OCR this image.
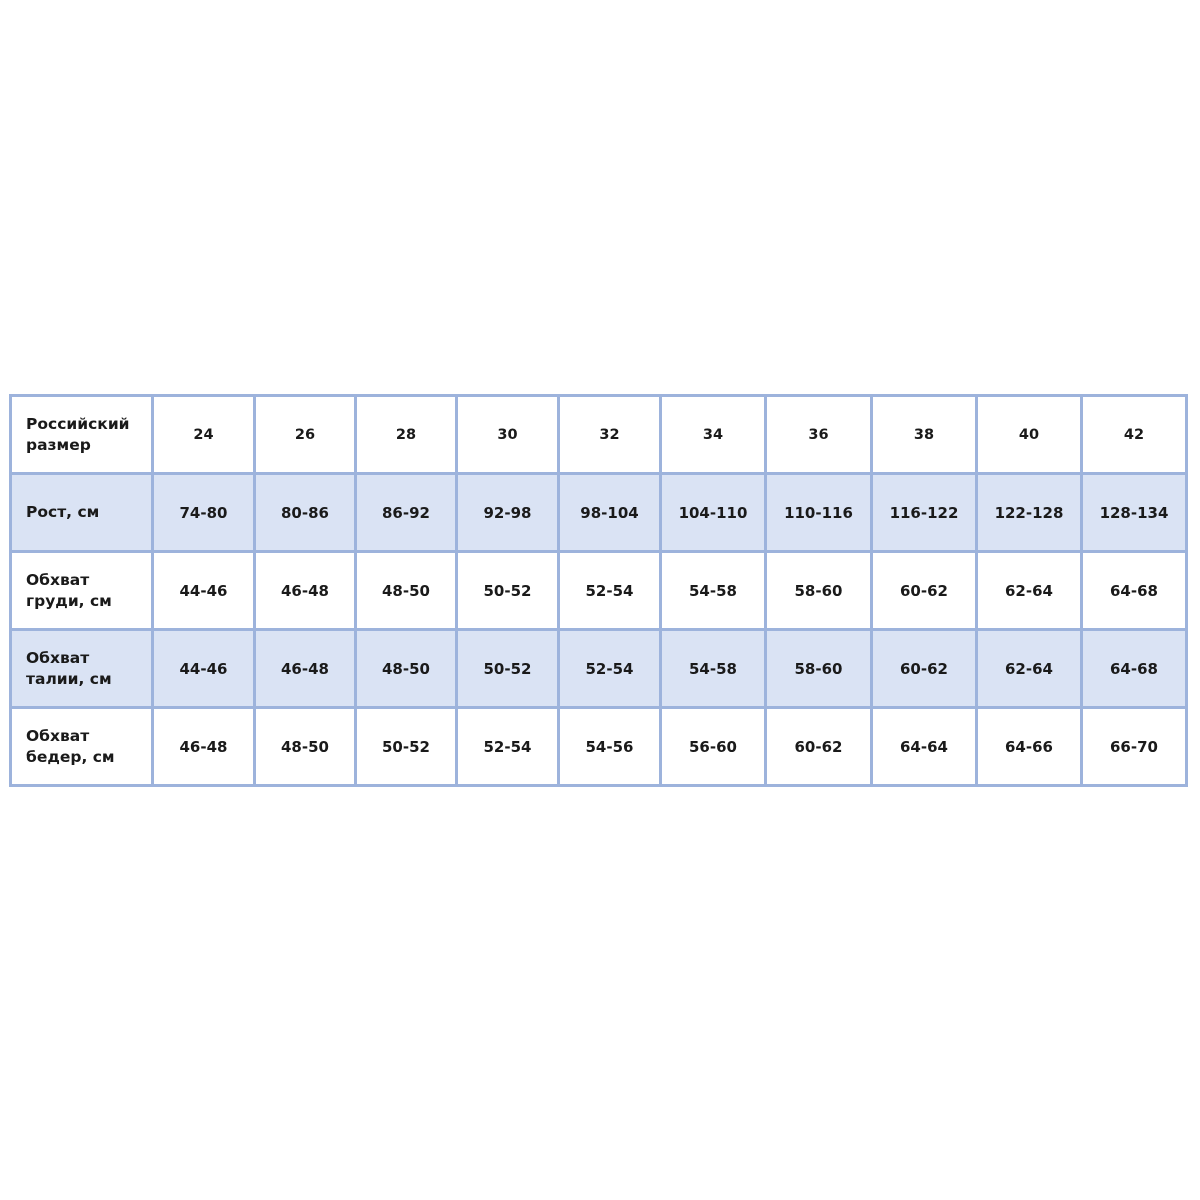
Российский
размер	24	26	28	30	32	34	36	38	40	42
Рост, см	74-80	80-86	86-92	92-98	98-104	104-110	110-116	116-122	122-128	128-134
Обхват
груди, см	44-46	46-48	48-50	50-52	52-54	54-58	58-60	60-62	62-64	64-68
Обхват
талии, см	44-46	46-48	48-50	50-52	52-54	54-58	58-60	60-62	62-64	64-68
Обхват
бедер, см	46-48	48-50	50-52	52-54	54-56	56-60	60-62	64-64	64-66	66-70
